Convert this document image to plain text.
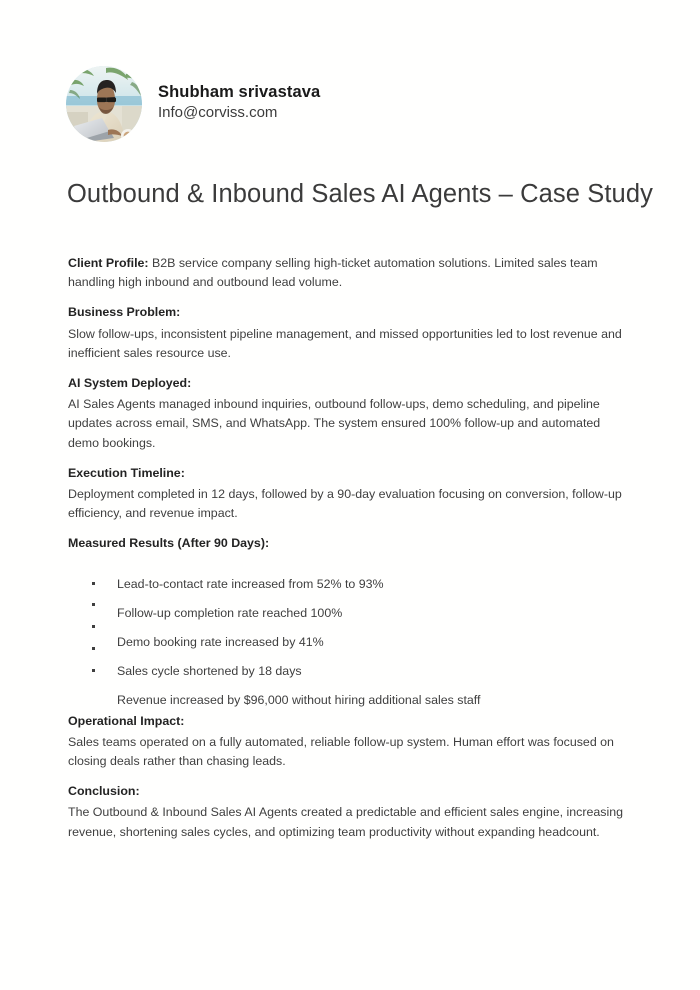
Shubham srivastava
Info@corviss.com
Outbound & Inbound Sales AI Agents – Case Study

Client Profile: B2B service company selling high-ticket automation solutions. Limited sales team handling high inbound and outbound lead volume.

Business Problem:

Slow follow-ups, inconsistent pipeline management, and missed opportunities led to lost revenue and inefficient sales resource use.

AI System Deployed:

AI Sales Agents managed inbound inquiries, outbound follow-ups, demo scheduling, and pipeline updates across email, SMS, and WhatsApp. The system ensured 100% follow-up and automated demo bookings.

Execution Timeline:

Deployment completed in 12 days, followed by a 90-day evaluation focusing on conversion, follow-up efficiency, and revenue impact.

Measured Results (After 90 Days):
Lead-to-contact rate increased from 52% to 93%
Follow-up completion rate reached 100%
Demo booking rate increased by 41%
Sales cycle shortened by 18 days
Revenue increased by $96,000 without hiring additional sales staff
Operational Impact:

Sales teams operated on a fully automated, reliable follow-up system. Human effort was focused on closing deals rather than chasing leads.

Conclusion:

The Outbound & Inbound Sales AI Agents created a predictable and efficient sales engine, increasing revenue, shortening sales cycles, and optimizing team productivity without expanding headcount.
